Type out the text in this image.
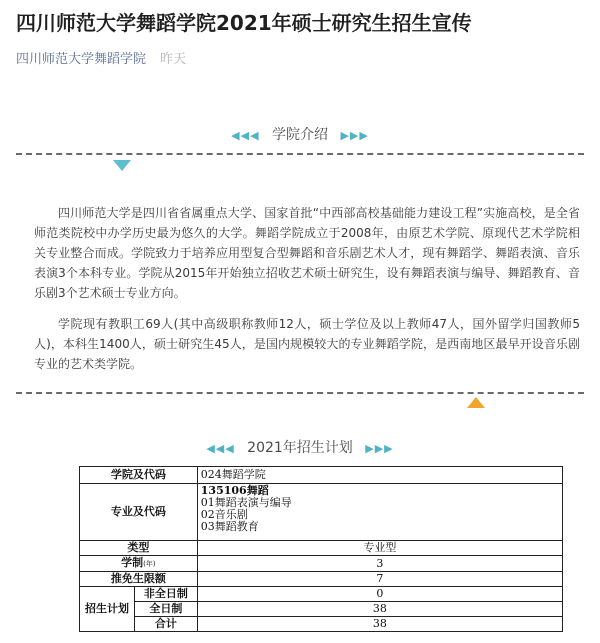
四川师范大学舞蹈学院2021年硕士研究生招生宣传
四川师范大学舞蹈学院 昨天
◀◀◀ 学院介绍 ▶▶▶
四川师范大学是四川省省属重点大学、国家首批“中西部高校基础能力建设工程”实施高校，是全省师范类院校中办学历史最为悠久的大学。舞蹈学院成立于2008年，由原艺术学院、原现代艺术学院相关专业整合而成。学院致力于培养应用型复合型舞蹈和音乐剧艺术人才，现有舞蹈学、舞蹈表演、音乐表演3个本科专业。学院从2015年开始独立招收艺术硕士研究生，设有舞蹈表演与编导、舞蹈教育、音乐剧3个艺术硕士专业方向。
学院现有教职工69人(其中高级职称教师12人，硕士学位及以上教师47人，国外留学归国教师5人)，本科生1400人，硕士研究生45人，是国内规模较大的专业舞蹈学院，是西南地区最早开设音乐剧专业的艺术类学院。
◀◀◀ 2021年招生计划 ▶▶▶
学院及代码		024舞蹈学院
专业及代码		135106舞蹈
01舞蹈表演与编导
02音乐剧
03舞蹈教育

类型		专业型
学制(年)		3
推免生限额		7
招生计划	非全日制	0
	全日制	38
	合计	38
